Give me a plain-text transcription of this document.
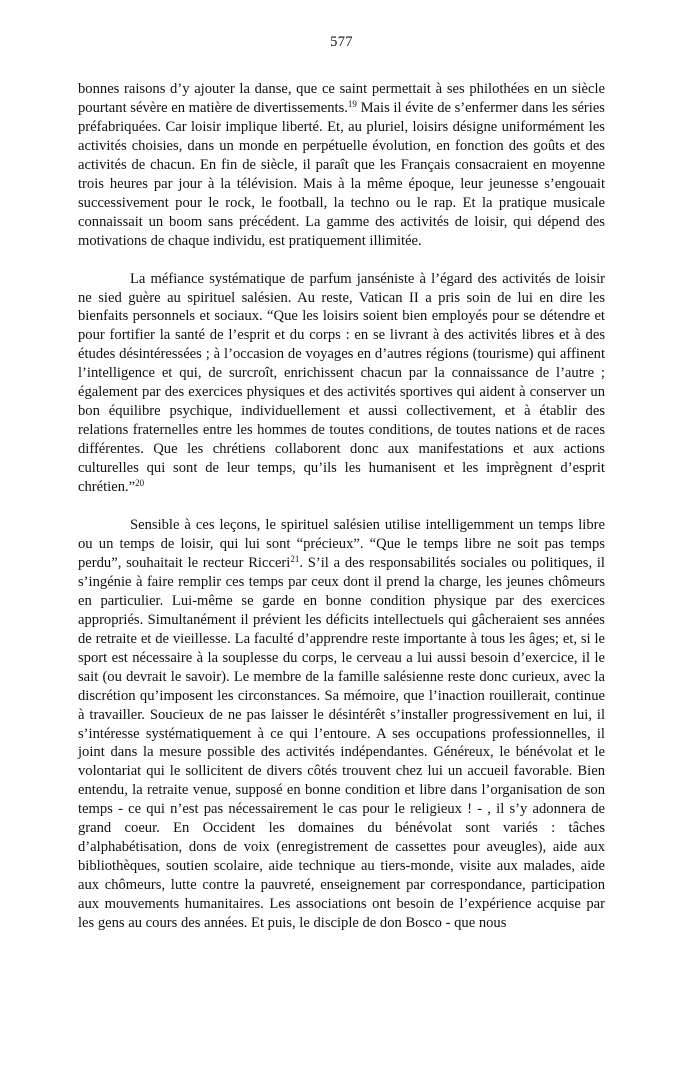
577

bonnes raisons d’y ajouter la danse, que ce saint permettait à ses philothées en un siècle pourtant sévère en matière de divertissements.$^{19}$ Mais il évite de s’enfermer dans les séries préfabriquées. Car loisir implique liberté. Et, au pluriel, loisirs désigne uniformément les activités choisies, dans un monde en perpétuelle évolution, en fonction des goûts et des activités de chacun. En fin de siècle, il paraît que les Français consacraient en moyenne trois heures par jour à la télévision. Mais à la même époque, leur jeunesse s’engouait successivement pour le rock, le football, la techno ou le rap. Et la pratique musicale connaissait un boom sans précédent. La gamme des activités de loisir, qui dépend des motivations de chaque individu, est pratiquement illimitée.

La méfiance systématique de parfum janséniste à l’égard des activités de loisir ne sied guère au spirituel salésien. Au reste, Vatican II a pris soin de lui en dire les bienfaits personnels et sociaux. “Que les loisirs soient bien employés pour se détendre et pour fortifier la santé de l’esprit et du corps : en se livrant à des activités libres et à des études désintéressées ; à l’occasion de voyages en d’autres régions (tourisme) qui affinent l’intelligence et qui, de surcroît, enrichissent chacun par la connaissance de l’autre ; également par des exercices physiques et des activités sportives qui aident à conserver un bon équilibre psychique, individuellement et aussi collectivement, et à établir des relations fraternelles entre les hommes de toutes conditions, de toutes nations et de races différentes. Que les chrétiens collaborent donc aux manifestations et aux actions culturelles qui sont de leur temps, qu’ils les humanisent et les imprègnent d’esprit chrétien.”$^{20}$

Sensible à ces leçons, le spirituel salésien utilise intelligemment un temps libre ou un temps de loisir, qui lui sont “précieux”. “Que le temps libre ne soit pas temps perdu”, souhaitait le recteur Ricceri$^{21}$. S’il a des responsabilités sociales ou politiques, il s’ingénie à faire remplir ces temps par ceux dont il prend la charge, les jeunes chômeurs en particulier. Lui-même se garde en bonne condition physique par des exercices appropriés. Simultanément il prévient les déficits intellectuels qui gâcheraient ses années de retraite et de vieillesse. La faculté d’apprendre reste importante à tous les âges; et, si le sport est nécessaire à la souplesse du corps, le cerveau a lui aussi besoin d’exercice, il le sait (ou devrait le savoir). Le membre de la famille salésienne reste donc curieux, avec la discrétion qu’imposent les circonstances. Sa mémoire, que l’inaction rouillerait, continue à travailler. Soucieux de ne pas laisser le désintérêt s’installer progressivement en lui, il s’intéresse systématiquement à ce qui l’entoure. A ses occupations professionnelles, il joint dans la mesure possible des activités indépendantes. Généreux, le bénévolat et le volontariat qui le sollicitent de divers côtés trouvent chez lui un accueil favorable. Bien entendu, la retraite venue, supposé en bonne condition et libre dans l’organisation de son temps - ce qui n’est pas nécessairement le cas pour le religieux ! - , il s’y adonnera de grand coeur. En Occident les domaines du bénévolat sont variés : tâches d’alphabétisation, dons de voix (enregistrement de cassettes pour aveugles), aide aux bibliothèques, soutien scolaire, aide technique au tiers-monde, visite aux malades, aide aux chômeurs, lutte contre la pauvreté, enseignement par correspondance, participation aux mouvements humanitaires. Les associations ont besoin de l’expérience acquise par les gens au cours des années. Et puis, le disciple de don Bosco - que nous
